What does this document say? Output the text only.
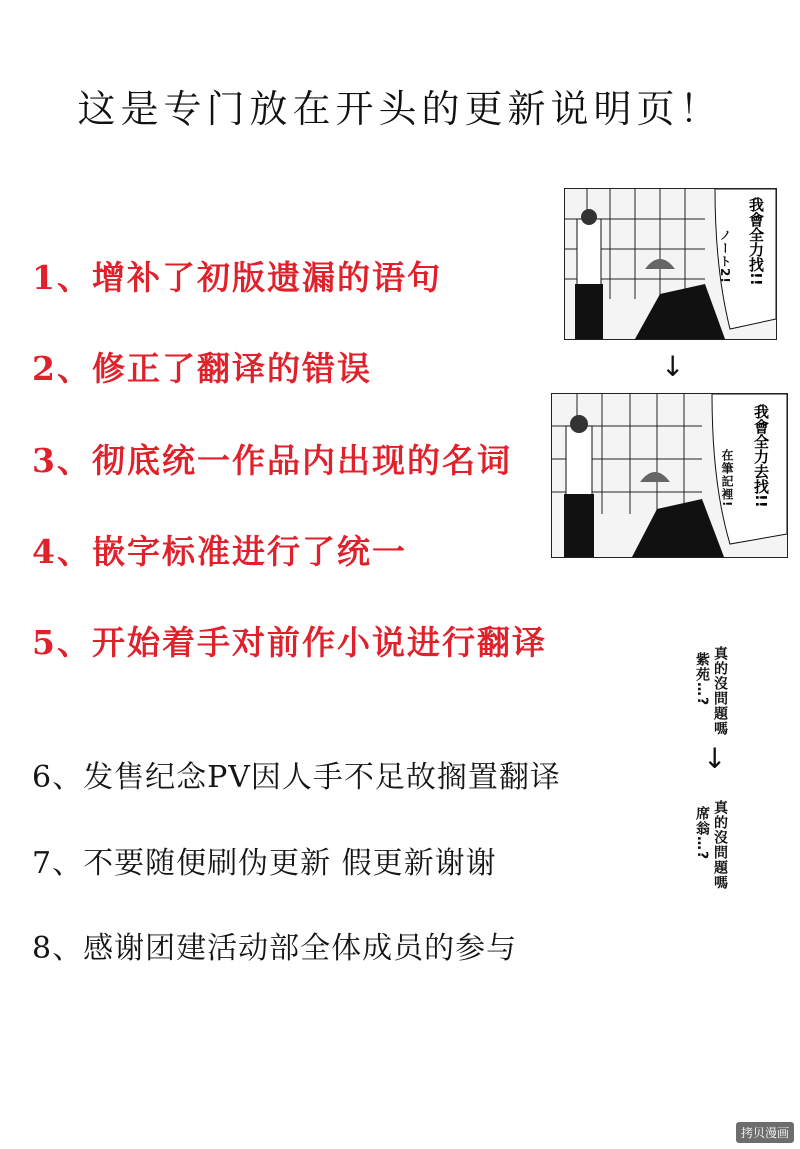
这是专门放在开头的更新说明页！
1、增补了初版遗漏的语句
2、修正了翻译的错误
3、彻底统一作品内出现的名词
4、嵌字标准进行了统一
5、开始着手对前作小说进行翻译
6、发售纪念PV因人手不足故搁置翻译
7、不要随便刷伪更新 假更新谢谢
8、感谢团建活动部全体成员的参与
我會全力找!!
ノート2!
↓
我會全力去找!!
在筆記裡!
真的沒問題嗎
紫苑…?
↓
真的沒問題嗎
席翁…?
拷贝漫画
